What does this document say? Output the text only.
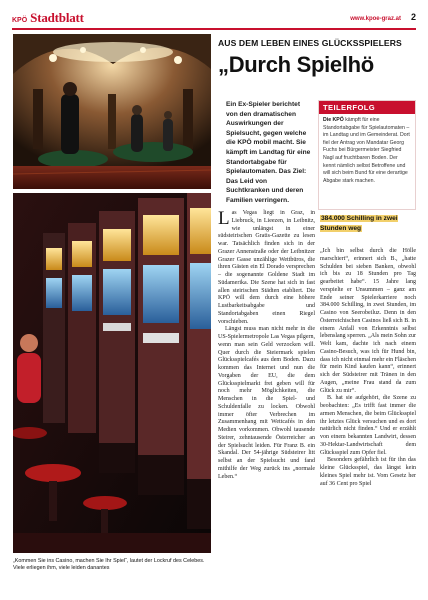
KPÖ Stadtblatt	www.kpoe-graz.at 2
„Kommen Sie ins Casino, machen Sie Ihr Spiel“, lautet der Lockruf des Celebes. Viele erliegen ihm, viele leiden danantes
AUS DEM LEBEN EINES GLÜCKSSPIELERS
„Durch Spielhö
Ein Ex-Spieler berichtet von den dramatischen Auswirkungen der Spielsucht, gegen welche die KPÖ mobil macht. Sie kämpft im Landtag für eine Standortabgabe für Spielautomaten. Das Ziel: Das Leid von Suchtkranken und deren Familien verringern.
TEILERFOLG
Die KPÖ kämpft für eine Standortabgabe für Spielautomaten – im Landtag und im Gemeinderat. Dort fiel der Antrag von Mandatar Georg Fuchs bei Bürgermeister Siegfried Nagl auf fruchtbaren Boden. Der kennt nämlich selbst Betroffene und will sich beim Bund für eine derartige Abgabe stark machen.

Las Vegas liegt in Graz, in Liebruck, in Lieezen, in Leibnitz, wie unlängst in einer südsteirischen Gratis-Gazette zu lesen war. Tatsächlich finden sich in der Grazer Annenstraße oder der Leibnitzer Grazer Gasse unzählige Wettbüros, die ihren Gästen ein El Dorado versprechen – die sogenannte Goldene Stadt im Südamerika. Die Szene hat sich in fast allen steirischen Städten etabliert. Die KPÖ will dem durch eine höhere Lustbarkeitsabgabe und Standortabgaben einen Riegel vorschieben.

Längst muss man nicht mehr in die US-Spielermetropole Las Vegas pilgern, wenn man sein Geld verzocken will. Quer durch die Steiermark spielen Glücksspielcafés aus dem Boden. Dazu kommen das Internet und nun die Vorgaben der EU, die dem Glücksspielmarkt frei geben will für noch mehr Möglichkeiten, die Menschen in die Spiel- und Schuldenfalle zu locken. Obwohl immer öfter Verbrechen im Zusammenhang mit Wettcafés in den Medien vorkommen. Obwohl tausende Steirer, zehntausende Österreicher an der Spielsucht leiden. Für Franz B. ein Skandal. Der 54-jährige Südsteirer litt selbst an der Spielsucht und fand mithilfe der Weg zurück ins „normale Leben.“

384.000 Schilling in zwei Stunden weg

„Ich bin selbst durch die Hölle marschiert“, erinnert sich B., „hatte Schulden bei sieben Banken, obwohl ich bis zu 18 Stunden pro Tag gearbeitet habe“. 15 Jahre lang verspielte er Unsummen – ganz am Ende seiner Spielerkarriere noch 384.000 Schilling, in zwei Stunden, im Casino von Seerobeiluz. Denn in den Österreichischen Casinos ließ sich B. in einem Anfall von Erkenntnis selbst lebenslang sperren. „Als mein Sohn zur Welt kam, dachte ich nach einem Casino-Besuch, was ich für Hund bin, dass ich nicht einmal mehr ein Fläschen für mein Kind kaufen kann“, erinnert sich der Südsteirer mit Tränen in den Augen, „meine Frau stand da zum Glück zu mir“.

B. hat sie aufgehört, die Szene zu beobachten: „Es trifft fast immer die armen Menschen, die beim Glücksspiel ihr letztes Glück versuchen und es dort natürlich nicht finden.“ Und er erzählt von einem bekannten Landwirt, dessen 30-Hektar-Landwirtschaft dem Glücksspiel zum Opfer fiel.

Besonders gefährlich ist für ihn das kleine Glücksspiel, das längst kein kleines Spiel mehr ist. Vom Gesetz her auf 36 Cent pro Spiel
